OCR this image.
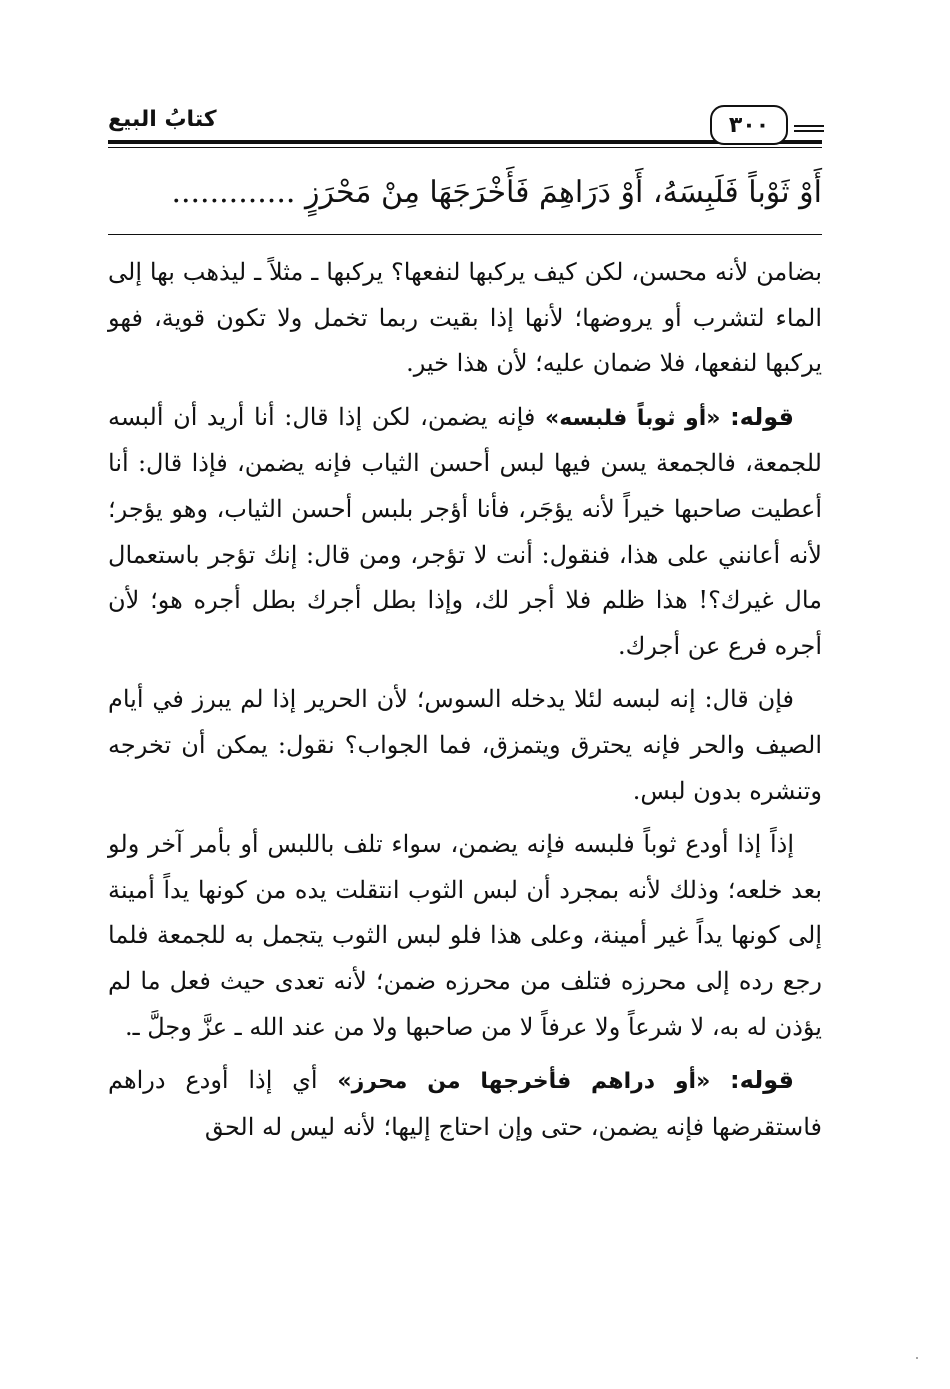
كتابُ البيع	٣٠٠
أَوْ ثَوْباً فَلَبِسَهُ، أَوْ دَرَاهِمَ فَأَخْرَجَهَا مِنْ مَحْرَزٍ .............

بضامن لأنه محسن، لكن كيف يركبها لنفعها؟ يركبها ـ مثلاً ـ ليذهب بها إلى الماء لتشرب أو يروضها؛ لأنها إذا بقيت ربما تخمل ولا تكون قوية، فهو يركبها لنفعها، فلا ضمان عليه؛ لأن هذا خير.

قوله: «أو ثوباً فلبسه» فإنه يضمن، لكن إذا قال: أنا أريد أن ألبسه للجمعة، فالجمعة يسن فيها لبس أحسن الثياب فإنه يضمن، فإذا قال: أنا أعطيت صاحبها خيراً لأنه يؤجَر، فأنا أؤجر بلبس أحسن الثياب، وهو يؤجر؛ لأنه أعانني على هذا، فنقول: أنت لا تؤجر، ومن قال: إنك تؤجر باستعمال مال غيرك؟! هذا ظلم فلا أجر لك، وإذا بطل أجرك بطل أجره هو؛ لأن أجره فرع عن أجرك.

فإن قال: إنه لبسه لئلا يدخله السوس؛ لأن الحرير إذا لم يبرز في أيام الصيف والحر فإنه يحترق ويتمزق، فما الجواب؟ نقول: يمكن أن تخرجه وتنشره بدون لبس.

إذاً إذا أودع ثوباً فلبسه فإنه يضمن، سواء تلف باللبس أو بأمر آخر ولو بعد خلعه؛ وذلك لأنه بمجرد أن لبس الثوب انتقلت يده من كونها يداً أمينة إلى كونها يداً غير أمينة، وعلى هذا فلو لبس الثوب يتجمل به للجمعة فلما رجع رده إلى محرزه فتلف من محرزه ضمن؛ لأنه تعدى حيث فعل ما لم يؤذن له به، لا شرعاً ولا عرفاً لا من صاحبها ولا من عند الله ـ عزَّ وجلَّ ـ.

قوله: «أو دراهم فأخرجها من محرز» أي إذا أودع دراهم فاستقرضها فإنه يضمن، حتى وإن احتاج إليها؛ لأنه ليس له الحق
